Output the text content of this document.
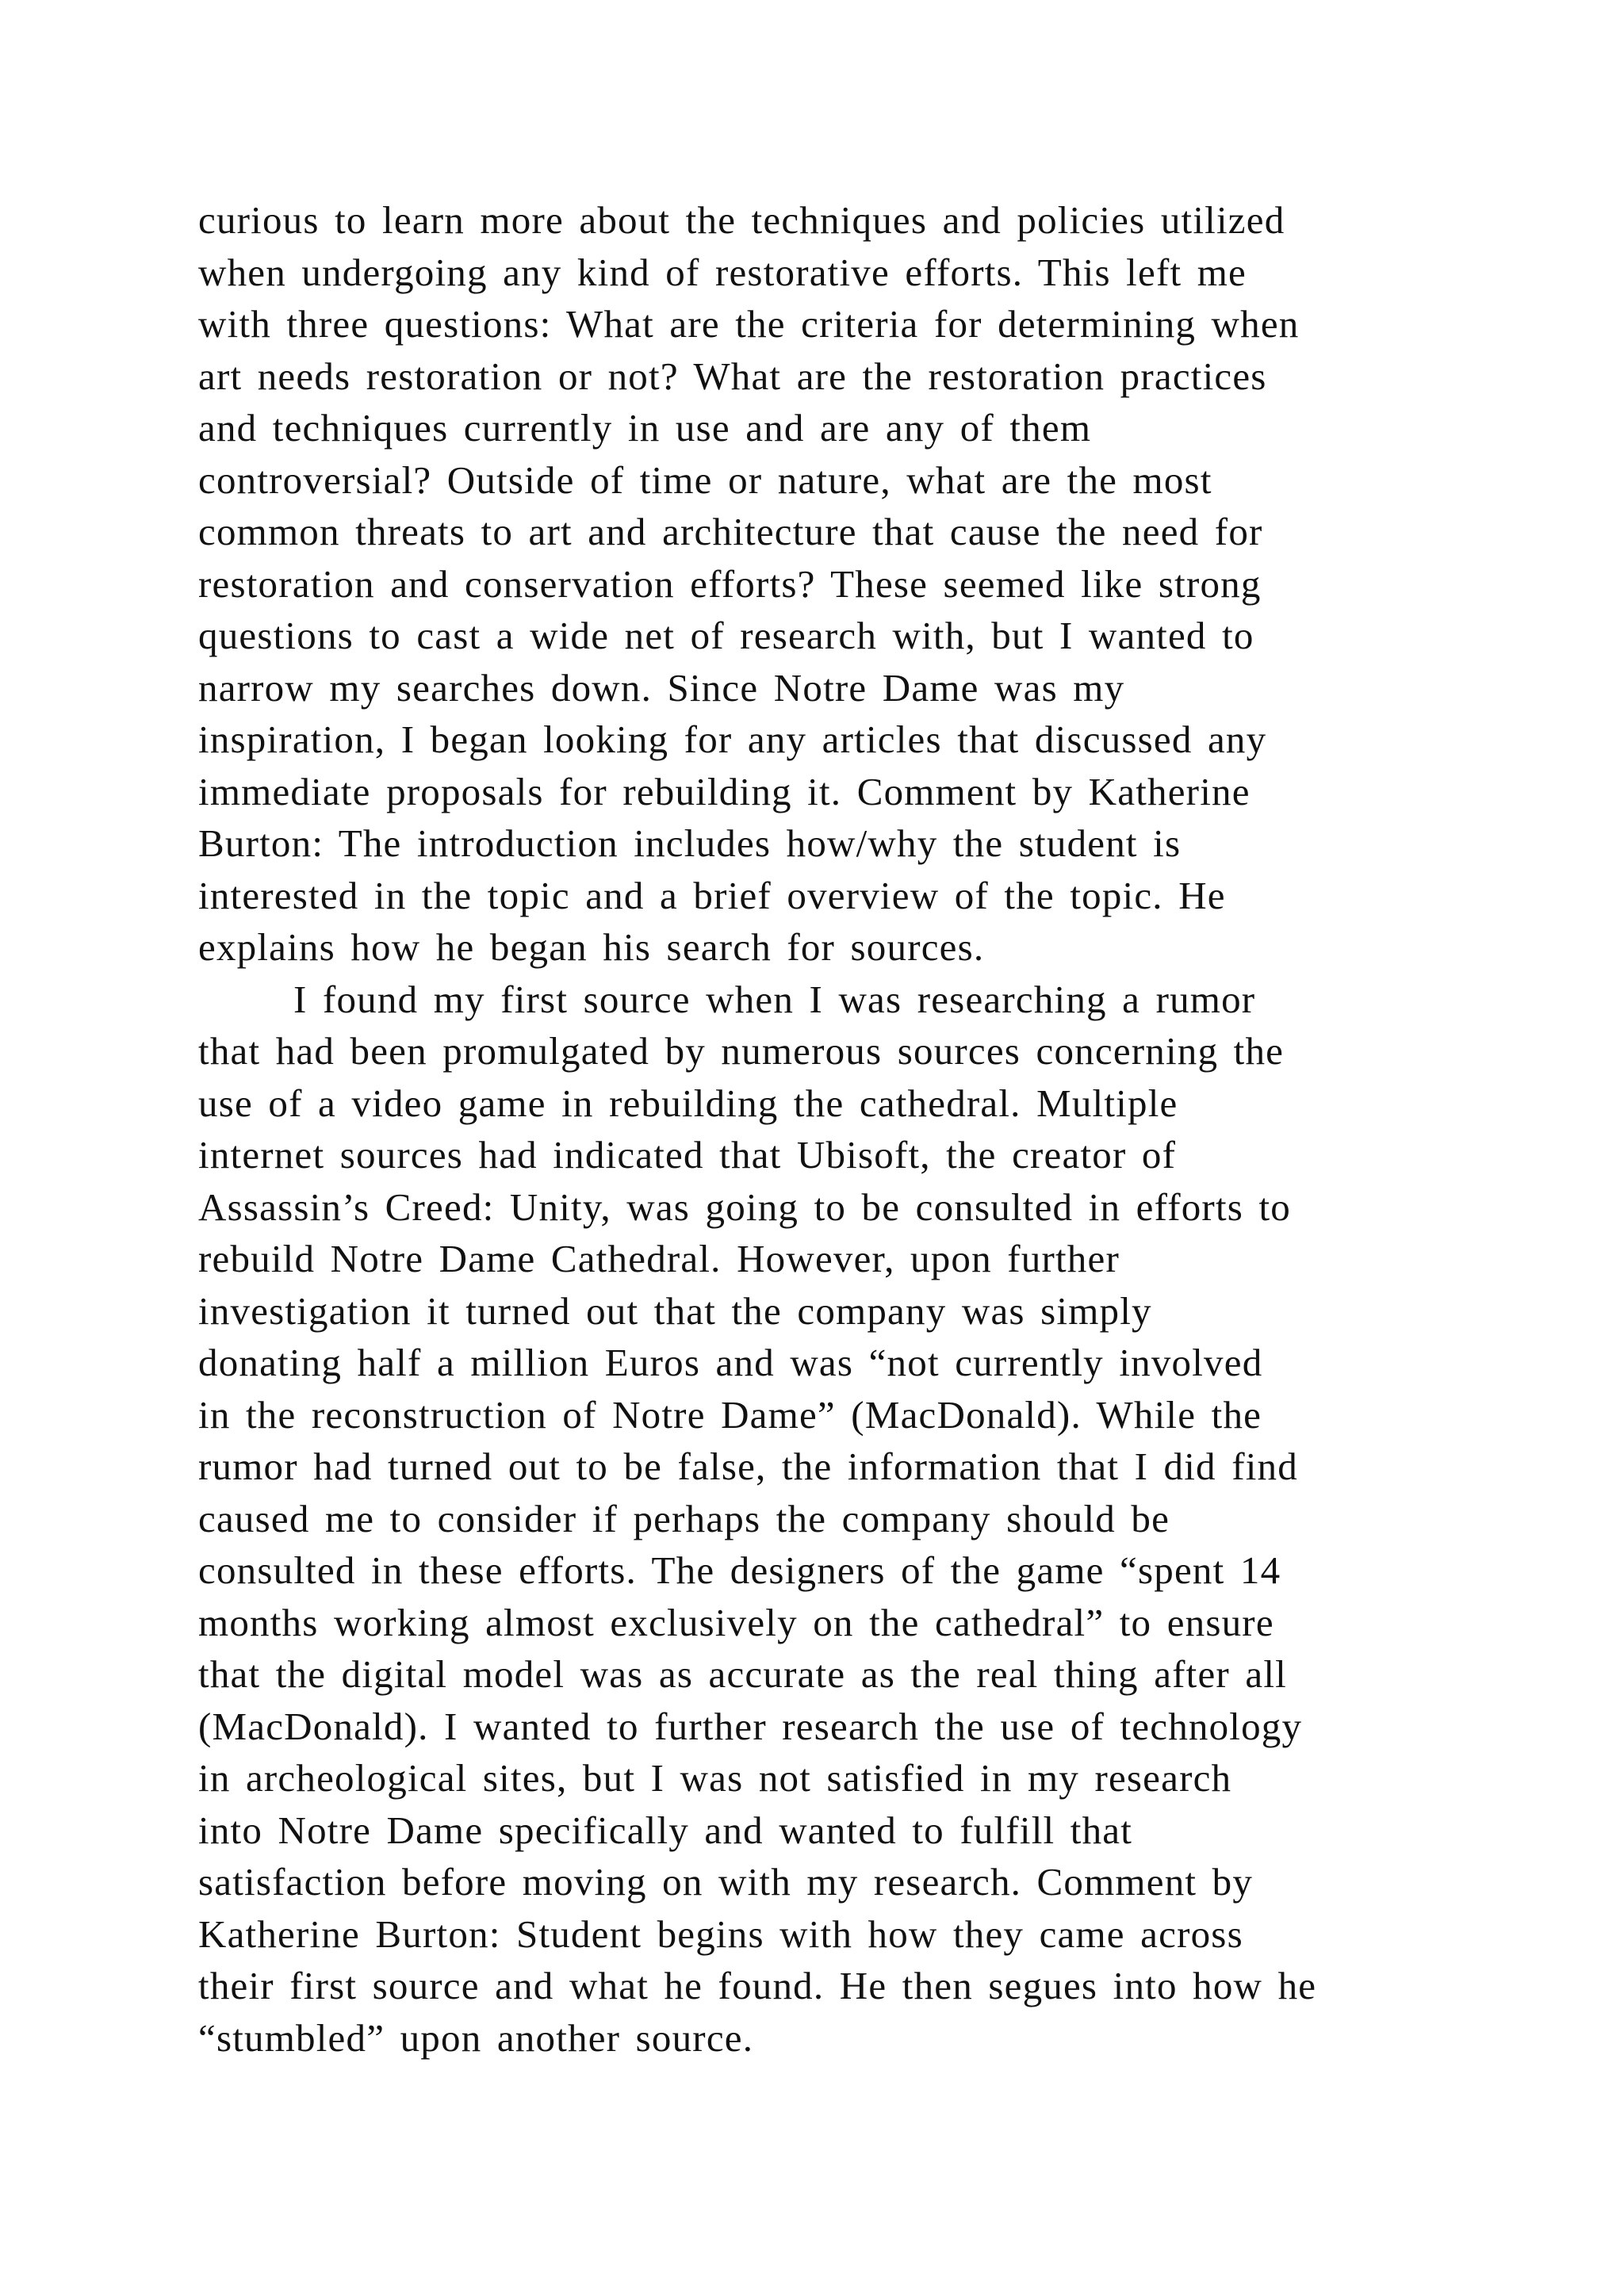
curious to learn more about the techniques and policies utilized
when undergoing any kind of restorative efforts. This left me
with three questions: What are the criteria for determining when
art needs restoration or not? What are the restoration practices
and techniques currently in use and are any of them
controversial? Outside of time or nature, what are the most
common threats to art and architecture that cause the need for
restoration and conservation efforts? These seemed like strong
questions to cast a wide net of research with, but I wanted to
narrow my searches down. Since Notre Dame was my
inspiration, I began looking for any articles that discussed any
immediate proposals for rebuilding it. Comment by Katherine
Burton: The introduction includes how/why the student is
interested in the topic and a brief overview of the topic. He
explains how he began his search for sources.
I found my first source when I was researching a rumor
that had been promulgated by numerous sources concerning the
use of a video game in rebuilding the cathedral. Multiple
internet sources had indicated that Ubisoft, the creator of
Assassin’s Creed: Unity, was going to be consulted in efforts to
rebuild Notre Dame Cathedral. However, upon further
investigation it turned out that the company was simply
donating half a million Euros and was “not currently involved
in the reconstruction of Notre Dame” (MacDonald). While the
rumor had turned out to be false, the information that I did find
caused me to consider if perhaps the company should be
consulted in these efforts. The designers of the game “spent 14
months working almost exclusively on the cathedral” to ensure
that the digital model was as accurate as the real thing after all
(MacDonald). I wanted to further research the use of technology
in archeological sites, but I was not satisfied in my research
into Notre Dame specifically and wanted to fulfill that
satisfaction before moving on with my research. Comment by
Katherine Burton: Student begins with how they came across
their first source and what he found. He then segues into how he
“stumbled” upon another source.
